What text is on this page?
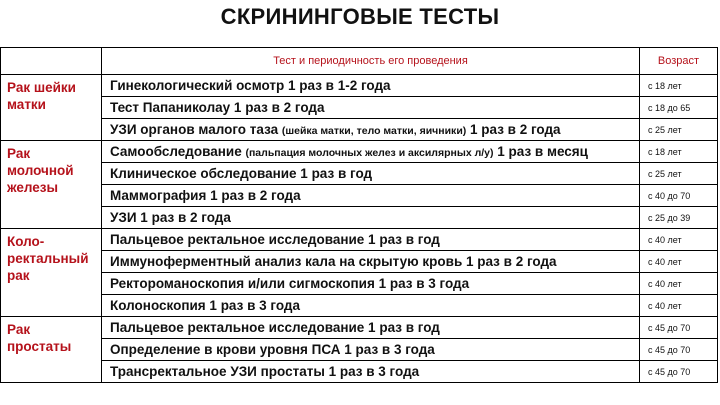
СКРИНИНГОВЫЕ ТЕСТЫ
	Тест и периодичность его проведения	Возраст
Рак шейки матки	Гинекологический осмотр 1 раз в 1-2 года	с 18 лет
	Тест Папаниколау 1 раз в 2 года	с 18 до 65
	УЗИ органов малого таза (шейка матки, тело матки, яичники) 1 раз в 2 года	с 25 лет
Рак молочной железы	Самообследование (пальпация молочных желез и аксилярных л/у) 1 раз в месяц	с 18 лет
	Клиническое обследование 1 раз в год	с 25 лет
	Маммография 1 раз в 2 года	с 40 до 70
	УЗИ 1 раз в 2 года	с 25 до 39
Коло-ректальный рак	Пальцевое ректальное исследование 1 раз в год	с 40 лет
	Иммуноферментный анализ кала на скрытую кровь 1 раз в 2 года	с 40 лет
	Ректороманоскопия и/или сигмоскопия 1 раз в 3 года	с 40 лет
	Колоноскопия 1 раз в 3 года	с 40 лет
Рак простаты	Пальцевое ректальное исследование 1 раз в год	с 45 до 70
	Определение в крови уровня ПСА 1 раз в 3 года	с 45 до 70
	Трансректальное УЗИ простаты 1 раз в 3 года	с 45 до 70
